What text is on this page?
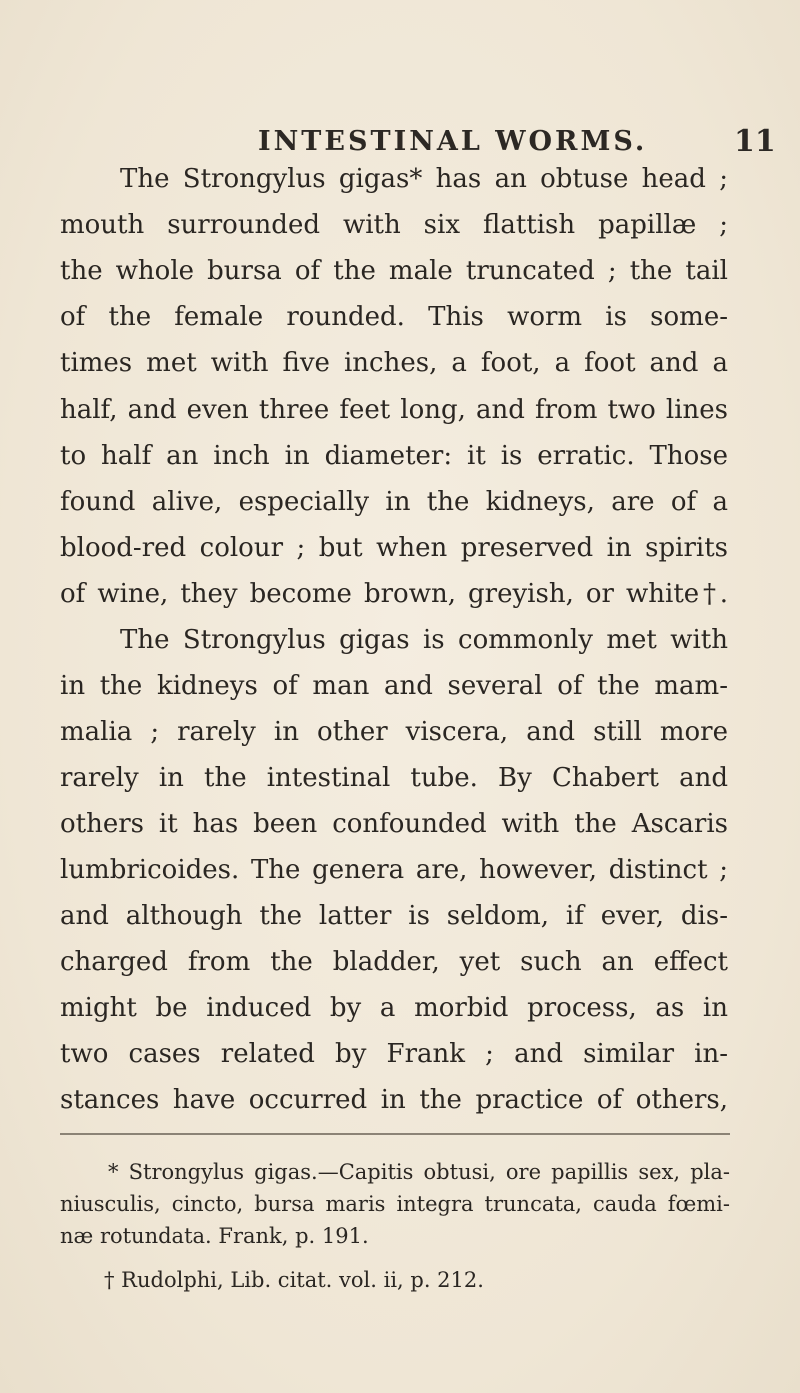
INTESTINAL WORMS.	11
The Strongylus gigas* has an obtuse head ;
mouth surrounded with six flattish papillæ ;
the whole bursa of the male truncated ; the tail
of the female rounded. This worm is some-
times met with five inches, a foot, a foot and a
half, and even three feet long, and from two lines
to half an inch in diameter: it is erratic. Those
found alive, especially in the kidneys, are of a
blood-red colour ; but when preserved in spirits
of wine, they become brown, greyish, or white†.
The Strongylus gigas is commonly met with
in the kidneys of man and several of the mam-
malia ; rarely in other viscera, and still more
rarely in the intestinal tube. By Chabert and
others it has been confounded with the Ascaris
lumbricoides. The genera are, however, distinct ;
and although the latter is seldom, if ever, dis-
charged from the bladder, yet such an effect
might be induced by a morbid process, as in
two cases related by Frank ; and similar in-
stances have occurred in the practice of others,
* Strongylus gigas.—Capitis obtusi, ore papillis sex, pla-
niusculis, cincto, bursa maris integra truncata, cauda fœmi-
næ rotundata. Frank, p. 191.
† Rudolphi, Lib. citat. vol. ii, p. 212.
